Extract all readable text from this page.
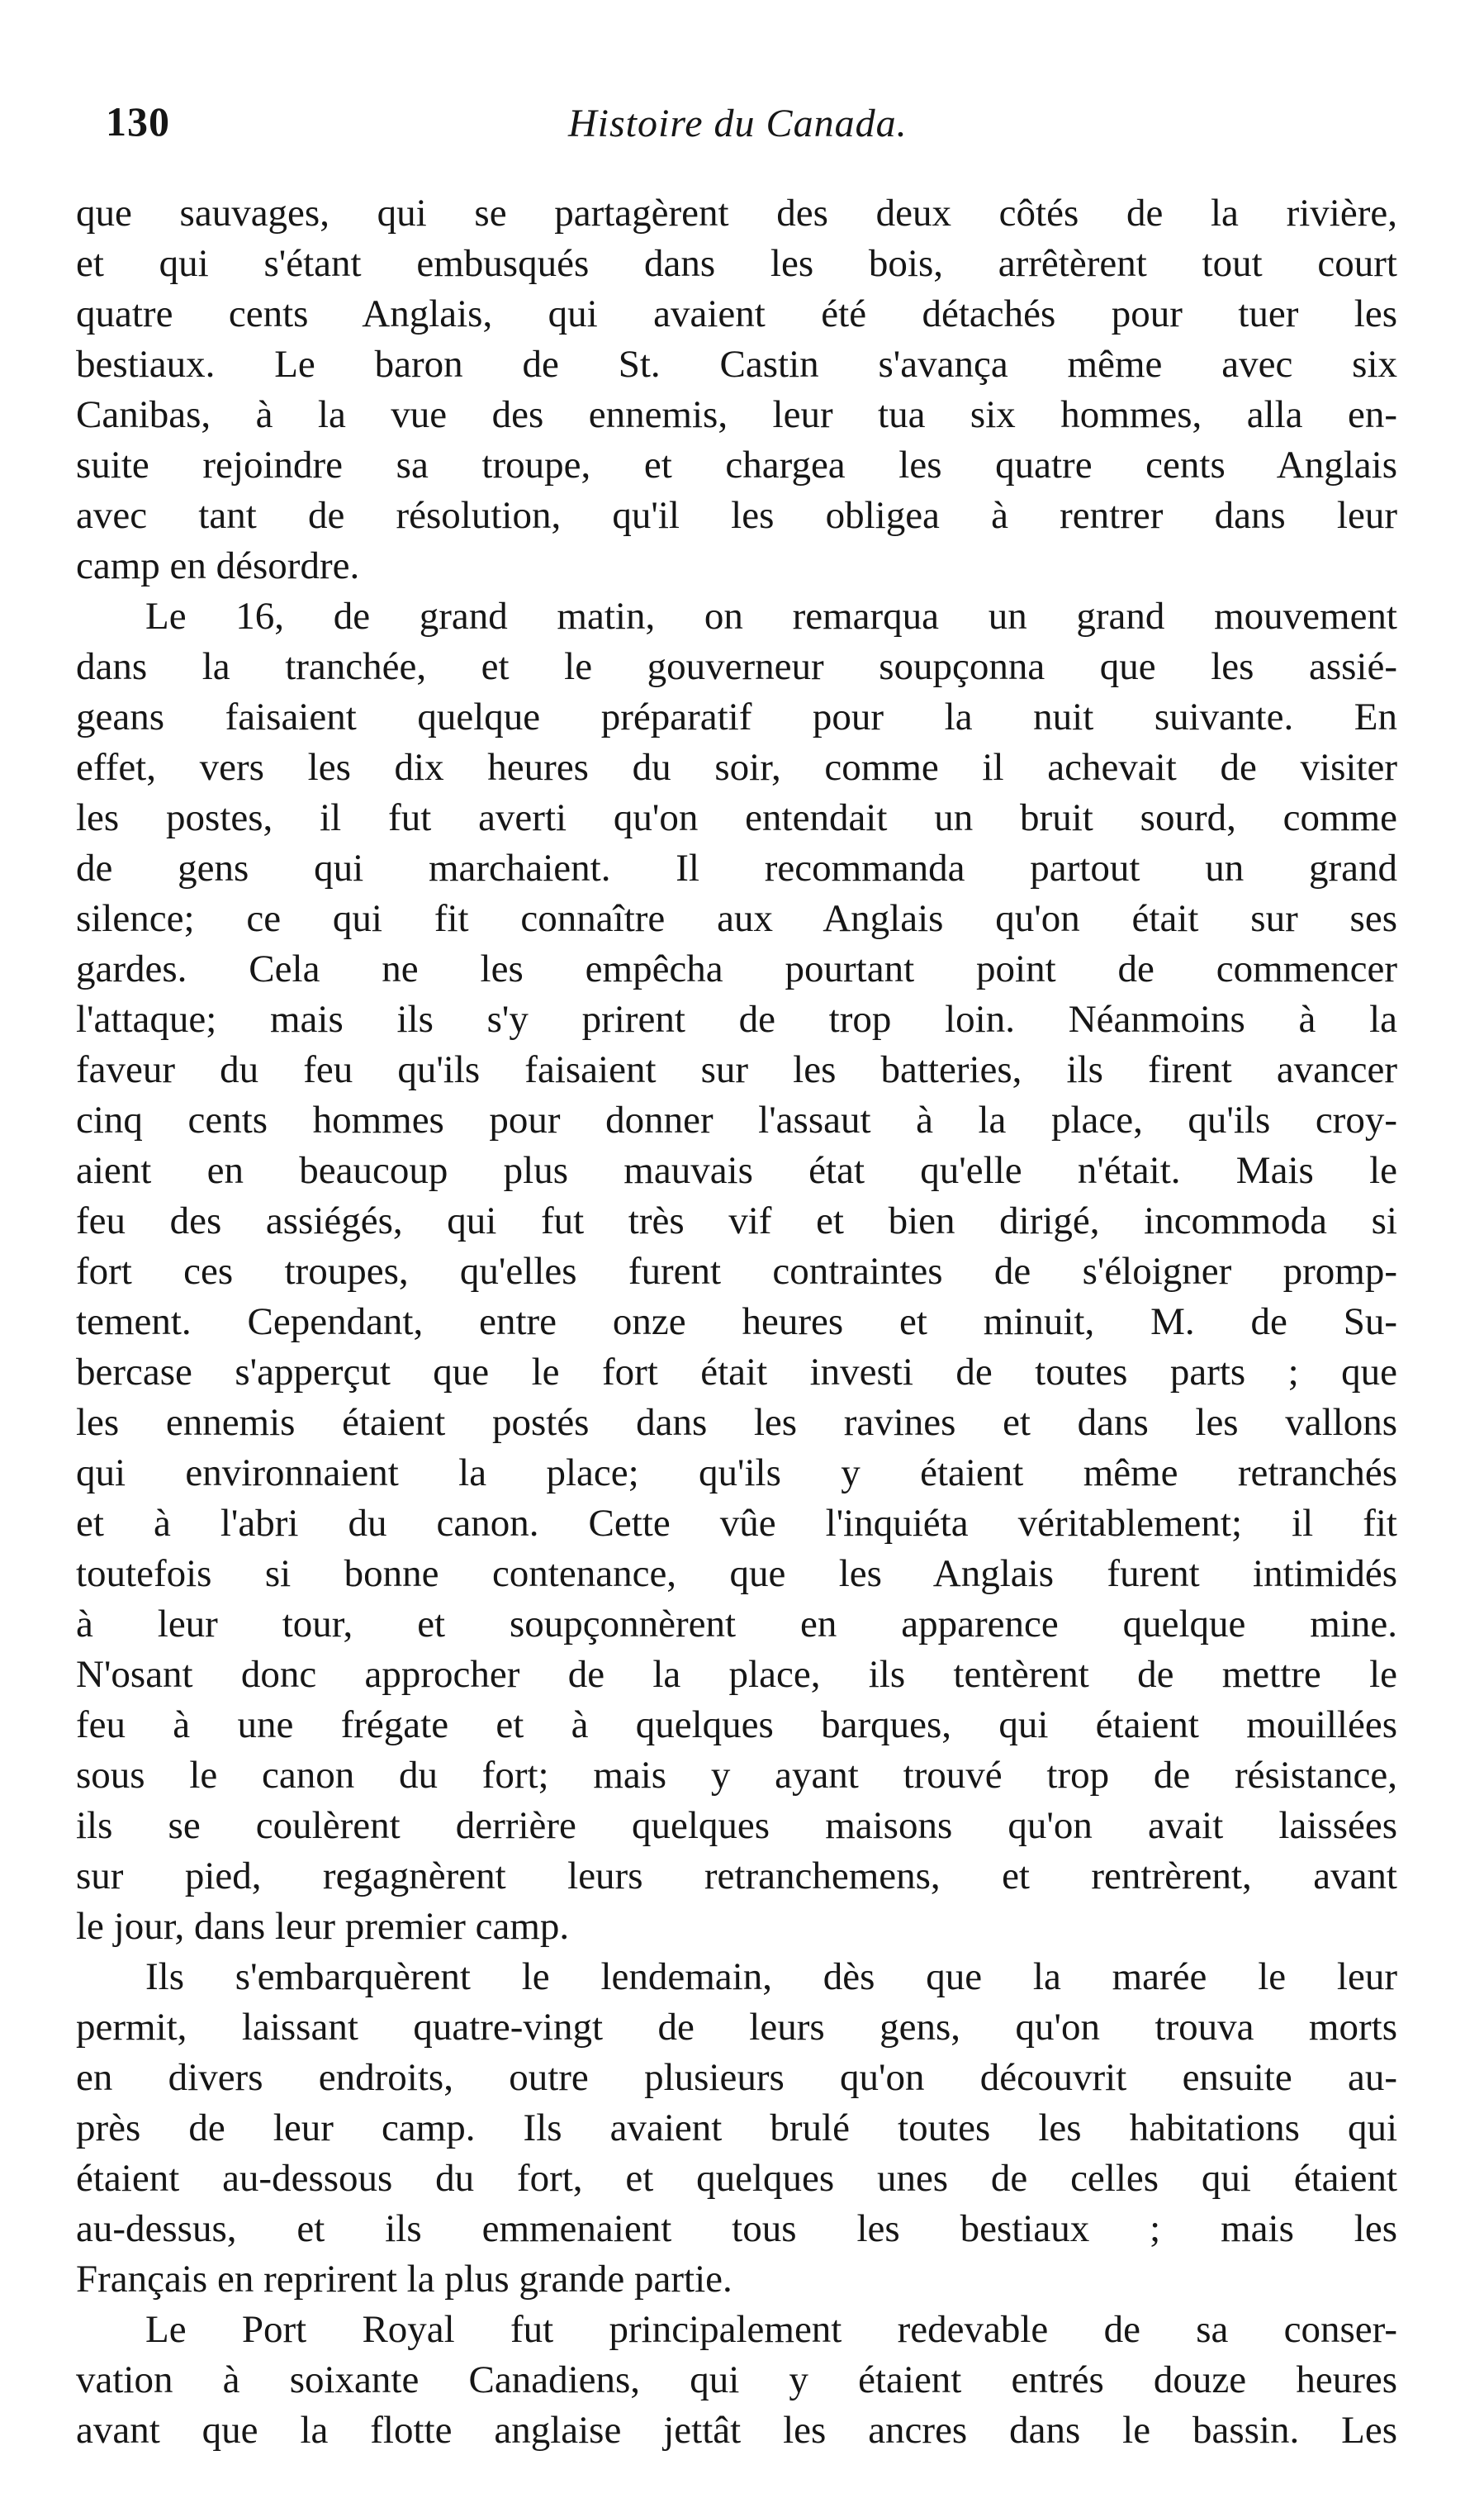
130	Histoire du Canada.
que sauvages, qui se partagèrent des deux côtés de la rivière,
et qui s'étant embusqués dans les bois, arrêtèrent tout court
quatre cents Anglais, qui avaient été détachés pour tuer les
bestiaux. Le baron de St. Castin s'avança même avec six
Canibas, à la vue des ennemis, leur tua six hommes, alla en-
suite rejoindre sa troupe, et chargea les quatre cents Anglais
avec tant de résolution, qu'il les obligea à rentrer dans leur
camp en désordre.
Le 16, de grand matin, on remarqua un grand mouvement
dans la tranchée, et le gouverneur soupçonna que les assié-
geans faisaient quelque préparatif pour la nuit suivante. En
effet, vers les dix heures du soir, comme il achevait de visiter
les postes, il fut averti qu'on entendait un bruit sourd, comme
de gens qui marchaient. Il recommanda partout un grand
silence; ce qui fit connaître aux Anglais qu'on était sur ses
gardes. Cela ne les empêcha pourtant point de commencer
l'attaque; mais ils s'y prirent de trop loin. Néanmoins à la
faveur du feu qu'ils faisaient sur les batteries, ils firent avancer
cinq cents hommes pour donner l'assaut à la place, qu'ils croy-
aient en beaucoup plus mauvais état qu'elle n'était. Mais le
feu des assiégés, qui fut très vif et bien dirigé, incommoda si
fort ces troupes, qu'elles furent contraintes de s'éloigner promp-
tement. Cependant, entre onze heures et minuit, M. de Su-
bercase s'apperçut que le fort était investi de toutes parts ; que
les ennemis étaient postés dans les ravines et dans les vallons
qui environnaient la place; qu'ils y étaient même retranchés
et à l'abri du canon. Cette vûe l'inquiéta véritablement; il fit
toutefois si bonne contenance, que les Anglais furent intimidés
à leur tour, et soupçonnèrent en apparence quelque mine.
N'osant donc approcher de la place, ils tentèrent de mettre le
feu à une frégate et à quelques barques, qui étaient mouillées
sous le canon du fort; mais y ayant trouvé trop de résistance,
ils se coulèrent derrière quelques maisons qu'on avait laissées
sur pied, regagnèrent leurs retranchemens, et rentrèrent, avant
le jour, dans leur premier camp.
Ils s'embarquèrent le lendemain, dès que la marée le leur
permit, laissant quatre-vingt de leurs gens, qu'on trouva morts
en divers endroits, outre plusieurs qu'on découvrit ensuite au-
près de leur camp. Ils avaient brulé toutes les habitations qui
étaient au-dessous du fort, et quelques unes de celles qui étaient
au-dessus, et ils emmenaient tous les bestiaux ; mais les
Français en reprirent la plus grande partie.
Le Port Royal fut principalement redevable de sa conser-
vation à soixante Canadiens, qui y étaient entrés douze heures
avant que la flotte anglaise jettât les ancres dans le bassin. Les
